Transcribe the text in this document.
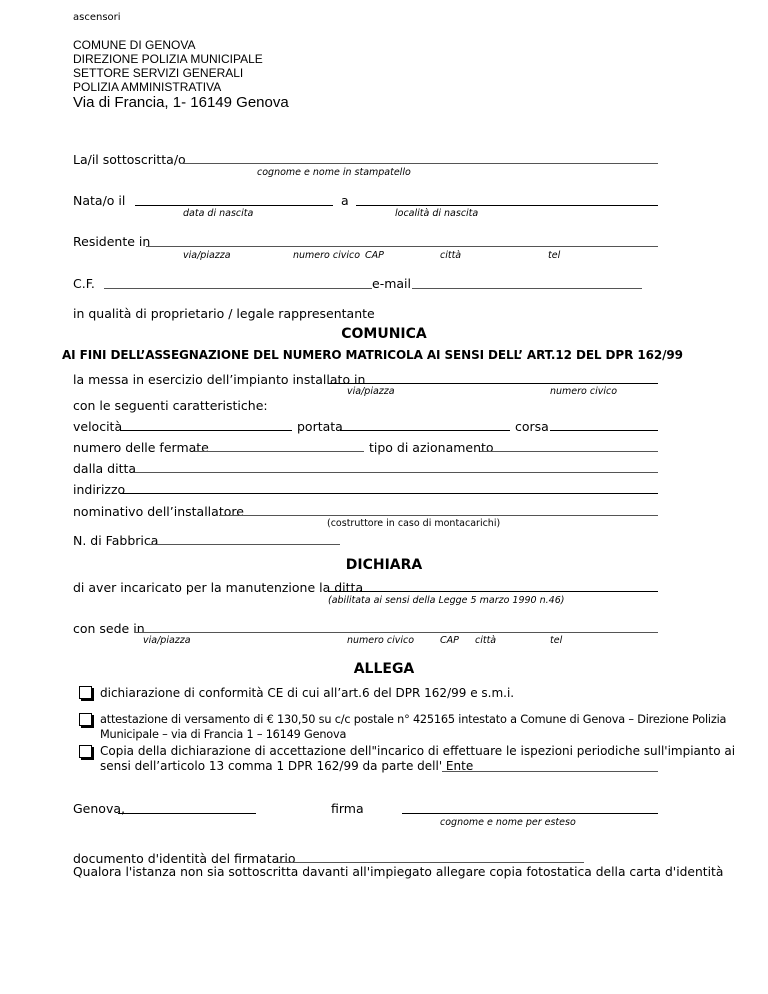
ascensori
COMUNE DI GENOVA
DIREZIONE POLIZIA MUNICIPALE
SETTORE SERVIZI GENERALI
POLIZIA AMMINISTRATIVA
Via di Francia, 1- 16149 Genova
La/il sottoscritta/o
cognome e nome in stampatello
Nata/o il	a
data di nascita	località di nascita
Residente in
via/piazza	numero civico CAP	città	tel
C.F.	e-mail
in qualità di proprietario / legale rappresentante
COMUNICA
AI FINI DELL’ASSEGNAZIONE DEL NUMERO MATRICOLA AI SENSI DELL’ ART.12 DEL DPR 162/99
la messa in esercizio dell’impianto installato in
via/piazza	numero civico
con le seguenti caratteristiche:
velocità	portata	corsa
numero delle fermate	tipo di azionamento
dalla ditta
indirizzo
nominativo dell’installatore
(costruttore in caso di montacarichi)
N. di Fabbrica
DICHIARA
di aver incaricato per la manutenzione la ditta
(abilitata ai sensi della Legge 5 marzo 1990 n.46)
con sede in
via/piazza	numero civico	CAP città	tel
ALLEGA
dichiarazione di conformità CE di cui all’art.6 del DPR 162/99 e s.m.i.
attestazione di versamento di € 130,50 su c/c postale n° 425165 intestato a Comune di Genova – Direzione Polizia
Municipale – via di Francia 1 – 16149 Genova
Copia della dichiarazione di accettazione dell"incarico di effettuare le ispezioni periodiche sull'impianto ai
sensi dell’articolo 13 comma 1 DPR 162/99 da parte dell' Ente
Genova,	firma
cognome e nome per esteso
documento d'identità del firmatario
Qualora l'istanza non sia sottoscritta davanti all'impiegato allegare copia fotostatica della carta d'identità
